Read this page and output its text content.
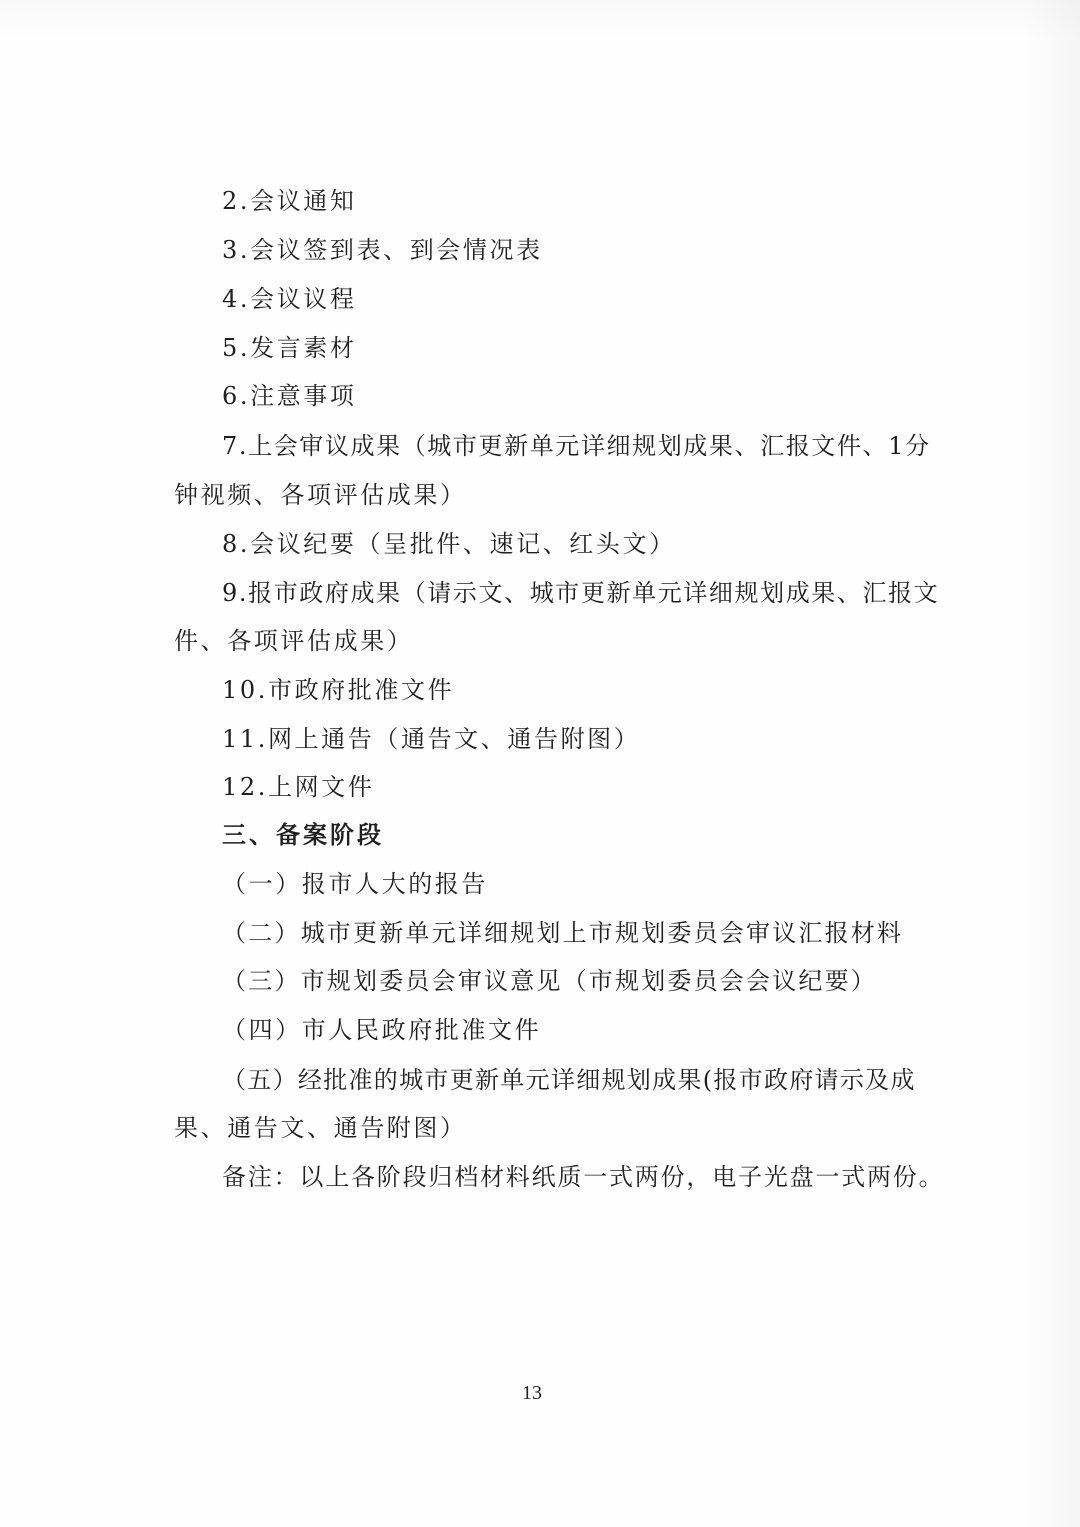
2.会议通知
3.会议签到表、到会情况表
4.会议议程
5.发言素材
6.注意事项
7.上会审议成果（城市更新单元详细规划成果、汇报文件、1分
钟视频、各项评估成果）
8.会议纪要（呈批件、速记、红头文）
9.报市政府成果（请示文、城市更新单元详细规划成果、汇报文
件、各项评估成果）
10.市政府批准文件
11.网上通告（通告文、通告附图）
12.上网文件
三、备案阶段
（一）报市人大的报告
（二）城市更新单元详细规划上市规划委员会审议汇报材料
（三）市规划委员会审议意见（市规划委员会会议纪要）
（四）市人民政府批准文件
（五）经批准的城市更新单元详细规划成果(报市政府请示及成
果、通告文、通告附图）
备注：以上各阶段归档材料纸质一式两份，电子光盘一式两份。
13
